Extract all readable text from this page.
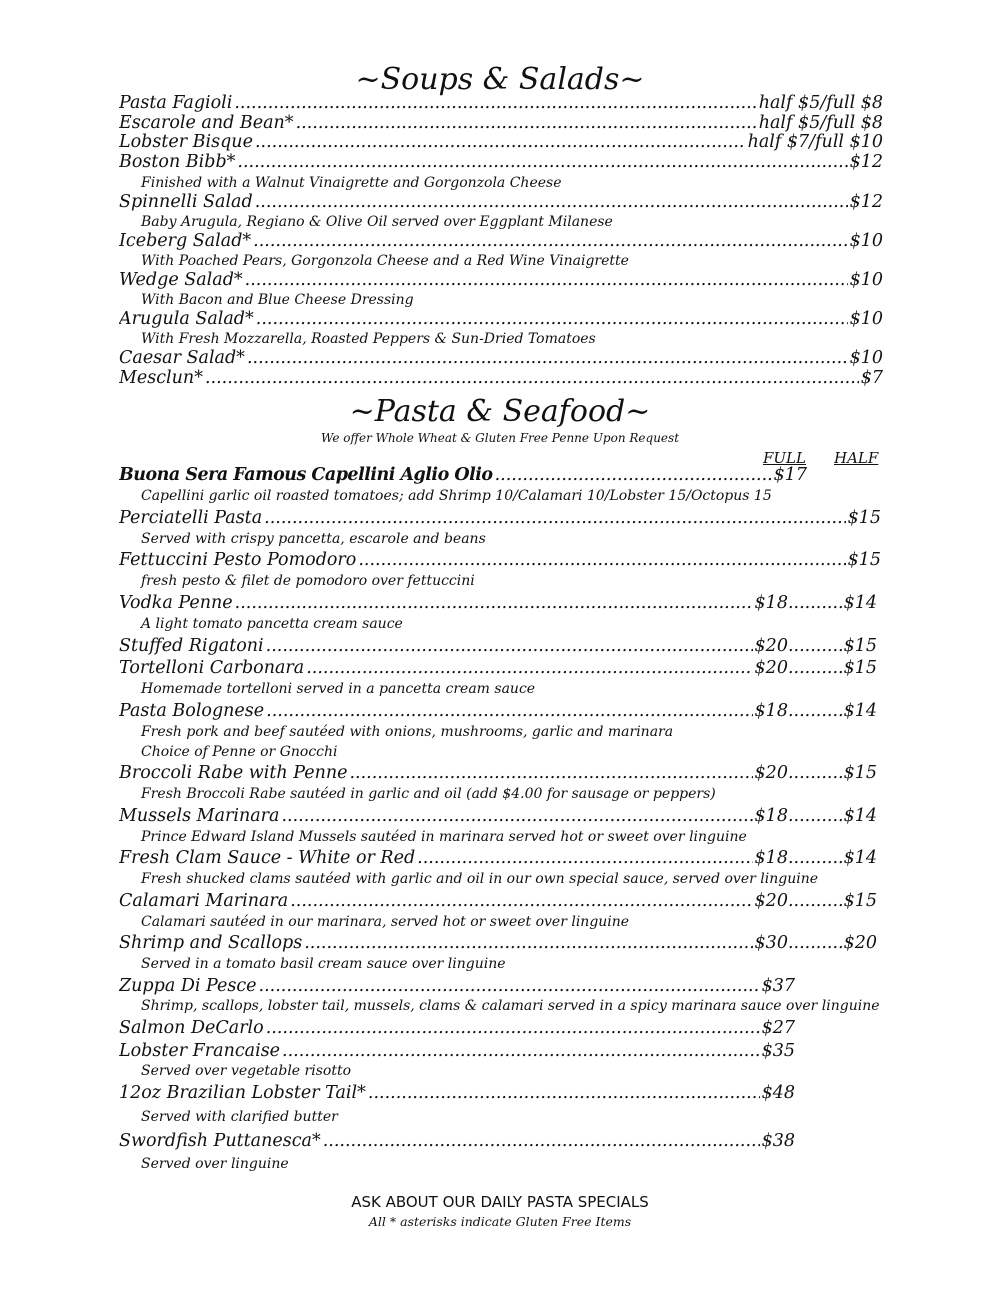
~Soups & Salads~
Pasta Fagioli .....	half $5/full $8
Escarole and Bean* .....	half $5/full $8
Lobster Bisque .....	half $7/full $10
Boston Bibb* .....	$12
Finished with a Walnut Vinaigrette and Gorgonzola Cheese
Spinnelli Salad .....	$12
Baby Arugula, Regiano & Olive Oil served over Eggplant Milanese
Iceberg Salad* .....	$10
With Poached Pears, Gorgonzola Cheese and a Red Wine Vinaigrette
Wedge Salad* .....	$10
With Bacon and Blue Cheese Dressing
Arugula Salad* .....	$10
With Fresh Mozzarella, Roasted Peppers & Sun-Dried Tomatoes
Caesar Salad* .....	$10
Mesclun* .....	$7
~Pasta & Seafood~
We offer Whole Wheat & Gluten Free Penne Upon Request
FULL HALF
Buona Sera Famous Capellini Aglio Olio .....	$17
Capellini garlic oil roasted tomatoes; add Shrimp 10/Calamari 10/Lobster 15/Octopus 15
Perciatelli Pasta .....	$15
Served with crispy pancetta, escarole and beans
Fettuccini Pesto Pomodoro .....	$15
fresh pesto & filet de pomodoro over fettuccini
Vodka Penne .....	$18 .......... $14
A light tomato pancetta cream sauce
Stuffed Rigatoni .....	$20 .......... $15
Tortelloni Carbonara .....	$20 .......... $15
Homemade tortelloni served in a pancetta cream sauce
Pasta Bolognese .....	$18 .......... $14
Fresh pork and beef sautéed with onions, mushrooms, garlic and marinara
Choice of Penne or Gnocchi
Broccoli Rabe with Penne .....	$20 .......... $15
Fresh Broccoli Rabe sautéed in garlic and oil (add $4.00 for sausage or peppers)
Mussels Marinara .....	$18 .......... $14
Prince Edward Island Mussels sautéed in marinara served hot or sweet over linguine
Fresh Clam Sauce - White or Red .....	$18 .......... $14
Fresh shucked clams sautéed with garlic and oil in our own special sauce, served over linguine
Calamari Marinara .....	$20 .......... $15
Calamari sautéed in our marinara, served hot or sweet over linguine
Shrimp and Scallops .....	$30 .......... $20
Served in a tomato basil cream sauce over linguine
Zuppa Di Pesce .....	$37
Shrimp, scallops, lobster tail, mussels, clams & calamari served in a spicy marinara sauce over linguine
Salmon DeCarlo .....	$27
Lobster Francaise .....	$35
Served over vegetable risotto
12oz Brazilian Lobster Tail* .....	$48
Served with clarified butter
Swordfish Puttanesca* .....	$38
Served over linguine
ASK ABOUT OUR DAILY PASTA SPECIALS
All * asterisks indicate Gluten Free Items
